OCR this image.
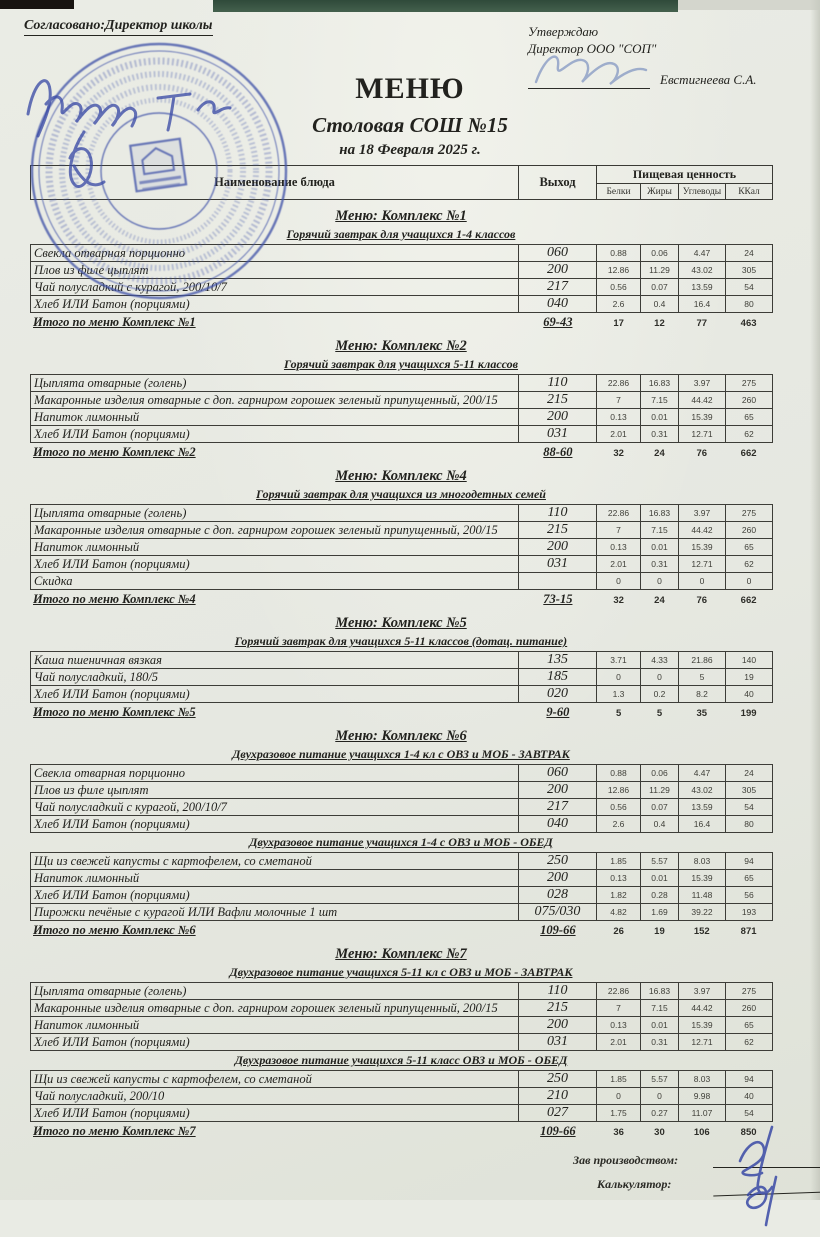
Согласовано:Директор школы	Утверждаю
Директор ООО "СОП"
Евстигнеева С.А.
МЕНЮ
Столовая СОШ №15
на 18 Февраля 2025 г.
Наименование блюда	Выход	Пищевая ценность			
		Белки	Жиры	Углеводы	ККал
Меню: Комплекс №1
Горячий завтрак для учащихся 1-4 классов
Свекла отварная порционно	060	0.88	0.06	4.47	24
Плов из филе цыплят	200	12.86	11.29	43.02	305
Чай полусладкий с курагой, 200/10/7	217	0.56	0.07	13.59	54
Хлеб ИЛИ Батон (порциями)	040	2.6	0.4	16.4	80
Итого по меню Комплекс №1	69-43	17	12	77	463
Меню: Комплекс №2
Горячий завтрак для учащихся 5-11 классов
Цыплята отварные (голень)	110	22.86	16.83	3.97	275
Макаронные изделия отварные с доп. гарниром горошек зеленый припущенный, 200/15	215	7	7.15	44.42	260
Напиток лимонный	200	0.13	0.01	15.39	65
Хлеб ИЛИ Батон (порциями)	031	2.01	0.31	12.71	62
Итого по меню Комплекс №2	88-60	32	24	76	662
Меню: Комплекс №4
Горячий завтрак для учащихся из многодетных семей
Цыплята отварные (голень)	110	22.86	16.83	3.97	275
Макаронные изделия отварные с доп. гарниром горошек зеленый припущенный, 200/15	215	7	7.15	44.42	260
Напиток лимонный	200	0.13	0.01	15.39	65
Хлеб ИЛИ Батон (порциями)	031	2.01	0.31	12.71	62
Скидка		0	0	0	0
Итого по меню Комплекс №4	73-15	32	24	76	662
Меню: Комплекс №5
Горячий завтрак для учащихся 5-11 классов (дотац. питание)
Каша пшеничная вязкая	135	3.71	4.33	21.86	140
Чай полусладкий, 180/5	185	0	0	5	19
Хлеб ИЛИ Батон (порциями)	020	1.3	0.2	8.2	40
Итого по меню Комплекс №5	9-60	5	5	35	199
Меню: Комплекс №6
Двухразовое питание учащихся 1-4 кл с ОВЗ и МОБ - ЗАВТРАК
Свекла отварная порционно	060	0.88	0.06	4.47	24
Плов из филе цыплят	200	12.86	11.29	43.02	305
Чай полусладкий с курагой, 200/10/7	217	0.56	0.07	13.59	54
Хлеб ИЛИ Батон (порциями)	040	2.6	0.4	16.4	80
Двухразовое питание учащихся 1-4 с ОВЗ и МОБ - ОБЕД
Щи из свежей капусты с картофелем, со сметаной	250	1.85	5.57	8.03	94
Напиток лимонный	200	0.13	0.01	15.39	65
Хлеб ИЛИ Батон (порциями)	028	1.82	0.28	11.48	56
Пирожки печёные с курагой ИЛИ Вафли молочные 1 шт	075/030	4.82	1.69	39.22	193
Итого по меню Комплекс №6	109-66	26	19	152	871
Меню: Комплекс №7
Двухразовое питание учащихся 5-11 кл с ОВЗ и МОБ - ЗАВТРАК
Цыплята отварные (голень)	110	22.86	16.83	3.97	275
Макаронные изделия отварные с доп. гарниром горошек зеленый припущенный, 200/15	215	7	7.15	44.42	260
Напиток лимонный	200	0.13	0.01	15.39	65
Хлеб ИЛИ Батон (порциями)	031	2.01	0.31	12.71	62
Двухразовое питание учащихся 5-11 класс ОВЗ и МОБ - ОБЕД
Щи из свежей капусты с картофелем, со сметаной	250	1.85	5.57	8.03	94
Чай полусладкий, 200/10	210	0	0	9.98	40
Хлеб ИЛИ Батон (порциями)	027	1.75	0.27	11.07	54
Итого по меню Комплекс №7	109-66	36	30	106	850
Зав производством:
Калькулятор:
